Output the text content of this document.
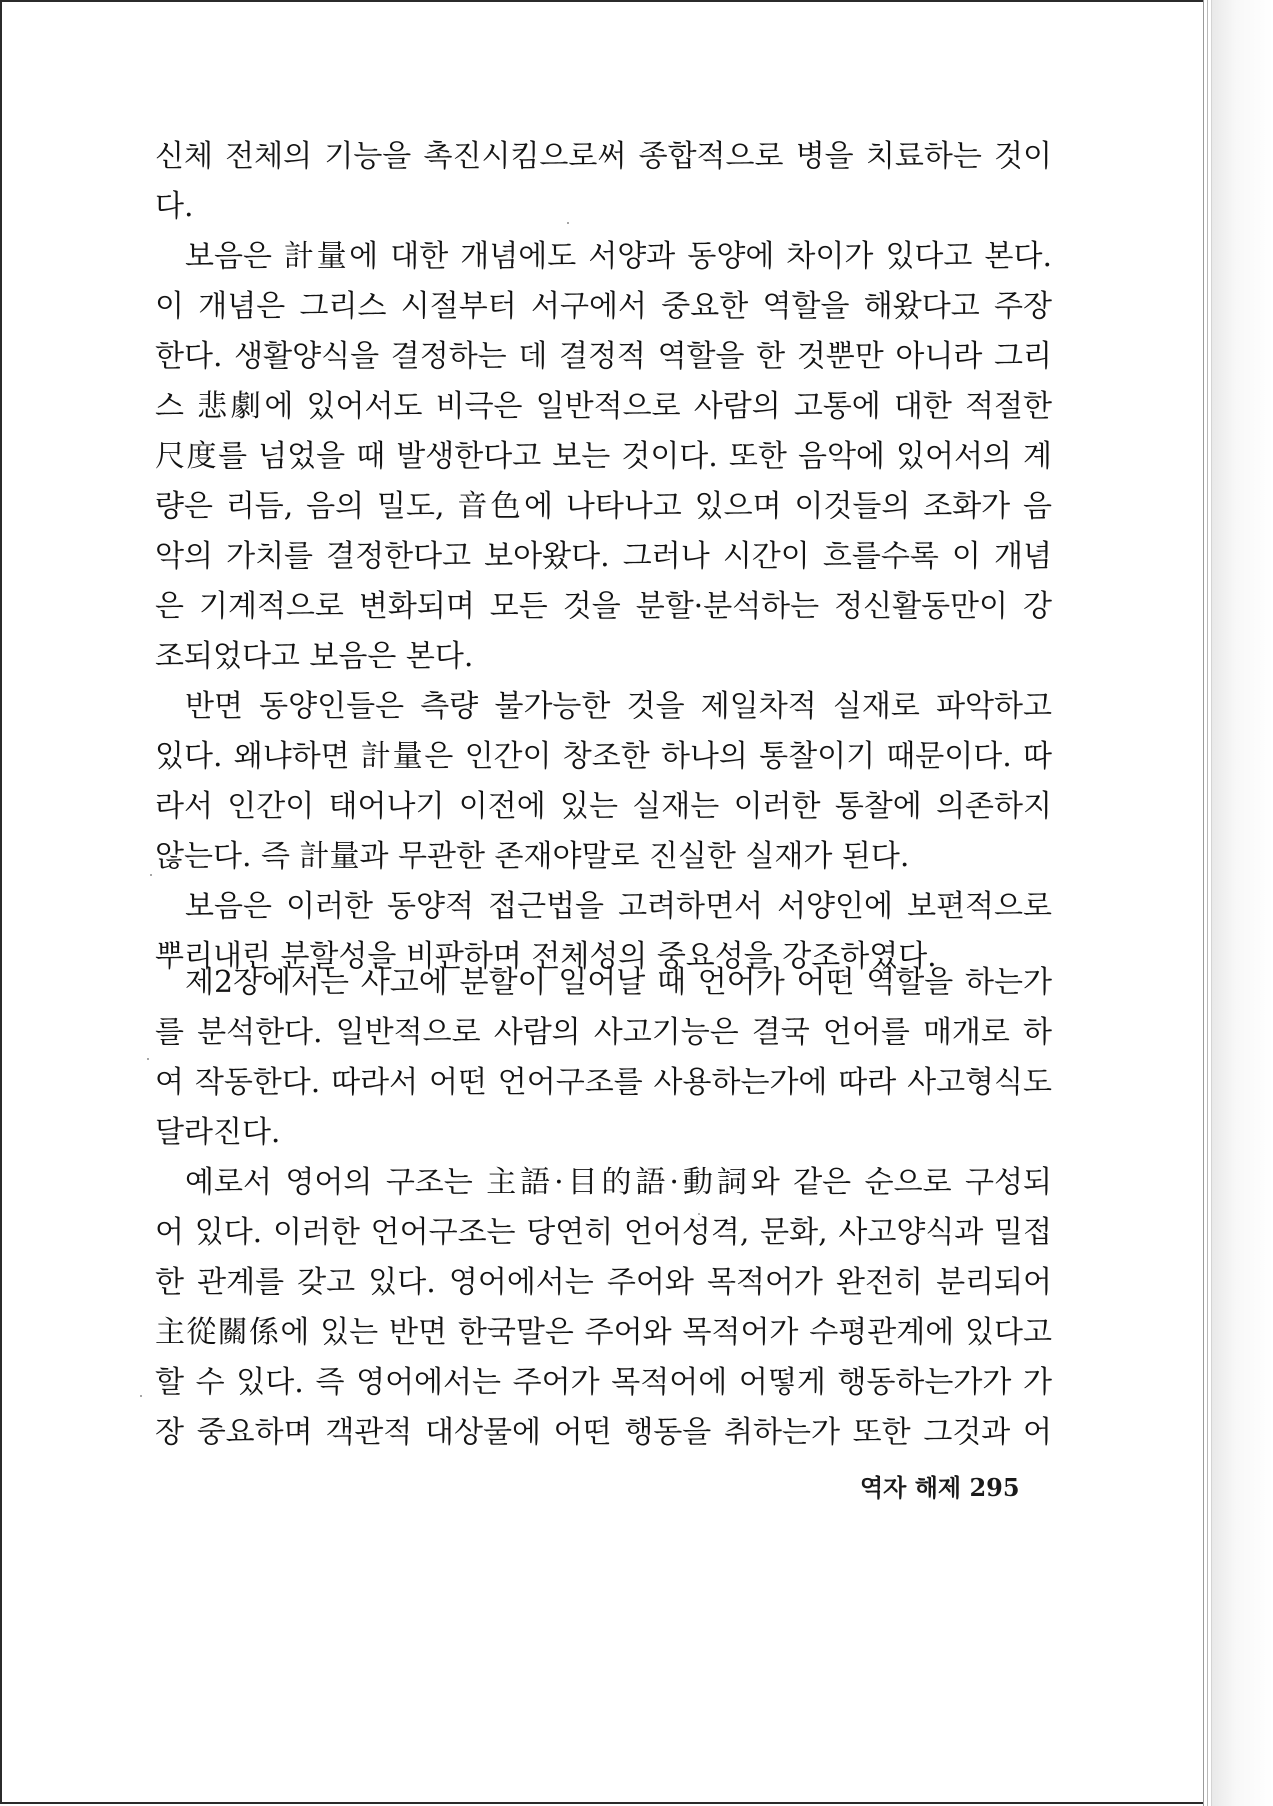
신체 전체의 기능을 촉진시킴으로써 종합적으로 병을 치료하는 것이
다.
보음은 計量에 대한 개념에도 서양과 동양에 차이가 있다고 본다.
이 개념은 그리스 시절부터 서구에서 중요한 역할을 해왔다고 주장
한다. 생활양식을 결정하는 데 결정적 역할을 한 것뿐만 아니라 그리
스 悲劇에 있어서도 비극은 일반적으로 사람의 고통에 대한 적절한
尺度를 넘었을 때 발생한다고 보는 것이다. 또한 음악에 있어서의 계
량은 리듬, 음의 밀도, 音色에 나타나고 있으며 이것들의 조화가 음
악의 가치를 결정한다고 보아왔다. 그러나 시간이 흐를수록 이 개념
은 기계적으로 변화되며 모든 것을 분할·분석하는 정신활동만이 강
조되었다고 보음은 본다.
반면 동양인들은 측량 불가능한 것을 제일차적 실재로 파악하고
있다. 왜냐하면 計量은 인간이 창조한 하나의 통찰이기 때문이다. 따
라서 인간이 태어나기 이전에 있는 실재는 이러한 통찰에 의존하지
않는다. 즉 計量과 무관한 존재야말로 진실한 실재가 된다.
보음은 이러한 동양적 접근법을 고려하면서 서양인에 보편적으로
뿌리내린 분할성을 비판하며 전체성의 중요성을 강조하였다.
제2장에서는 사고에 분할이 일어날 때 언어가 어떤 역할을 하는가
를 분석한다. 일반적으로 사람의 사고기능은 결국 언어를 매개로 하
여 작동한다. 따라서 어떤 언어구조를 사용하는가에 따라 사고형식도
달라진다.
예로서 영어의 구조는 主語·目的語·動詞와 같은 순으로 구성되
어 있다. 이러한 언어구조는 당연히 언어성격, 문화, 사고양식과 밀접
한 관계를 갖고 있다. 영어에서는 주어와 목적어가 완전히 분리되어
主從關係에 있는 반면 한국말은 주어와 목적어가 수평관계에 있다고
할 수 있다. 즉 영어에서는 주어가 목적어에 어떻게 행동하는가가 가
장 중요하며 객관적 대상물에 어떤 행동을 취하는가 또한 그것과 어
역자 해제 295
